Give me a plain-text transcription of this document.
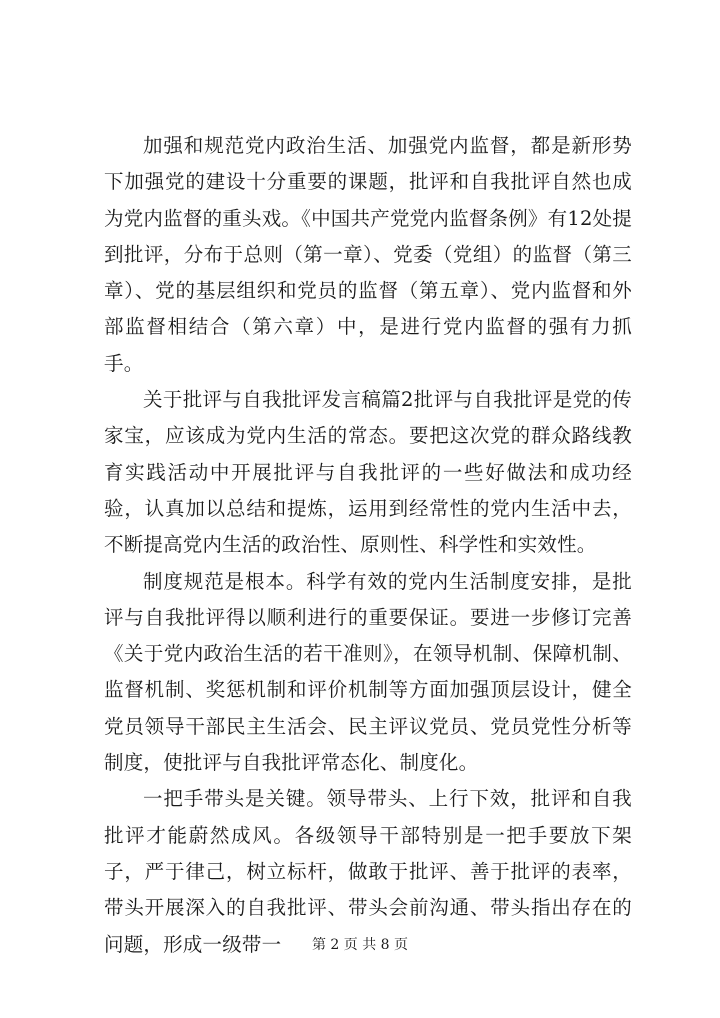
加强和规范党内政治生活、加强党内监督，都是新形势下加强党的建设十分重要的课题，批评和自我批评自然也成为党内监督的重头戏。《中国共产党党内监督条例》有12处提到批评，分布于总则（第一章）、党委（党组）的监督（第三章）、党的基层组织和党员的监督（第五章）、党内监督和外部监督相结合（第六章）中，是进行党内监督的强有力抓手。

关于批评与自我批评发言稿篇2批评与自我批评是党的传家宝，应该成为党内生活的常态。要把这次党的群众路线教育实践活动中开展批评与自我批评的一些好做法和成功经验，认真加以总结和提炼，运用到经常性的党内生活中去，不断提高党内生活的政治性、原则性、科学性和实效性。

制度规范是根本。科学有效的党内生活制度安排，是批评与自我批评得以顺利进行的重要保证。要进一步修订完善《关于党内政治生活的若干准则》，在领导机制、保障机制、监督机制、奖惩机制和评价机制等方面加强顶层设计，健全党员领导干部民主生活会、民主评议党员、党员党性分析等制度，使批评与自我批评常态化、制度化。

一把手带头是关键。领导带头、上行下效，批评和自我批评才能蔚然成风。各级领导干部特别是一把手要放下架子，严于律己，树立标杆，做敢于批评、善于批评的表率，带头开展深入的自我批评、带头会前沟通、带头指出存在的问题，形成一级带一	第 2 页 共 8 页
